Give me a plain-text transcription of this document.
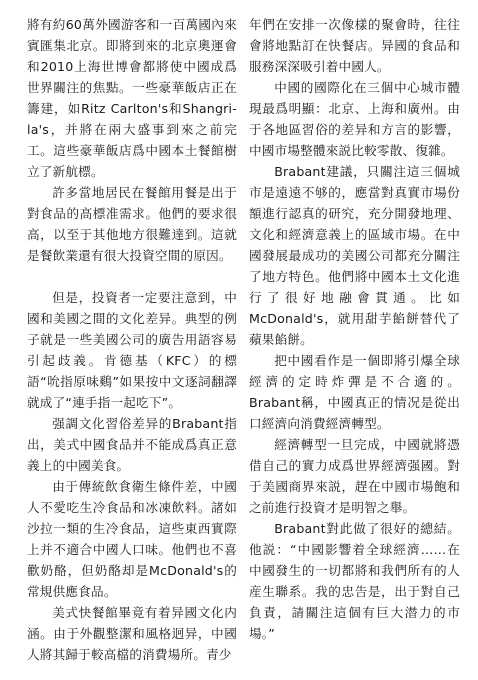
將有約60萬外國游客和一百萬國內來賓匯集北京。即將到來的北京奧運會和2010上海世博會都將使中國成爲世界關注的焦點。一些豪華飯店正在籌建，如Ritz Carlton's和Shangri-la's，并將在兩大盛事到來之前完工。這些豪華飯店爲中國本土餐館樹立了新航標。

許多當地居民在餐館用餐是出于對食品的高標准需求。他們的要求很高，以至于其他地方很難達到。這就是餐飲業還有很大投資空間的原因。

但是，投資者一定要注意到，中國和美國之間的文化差异。典型的例子就是一些美國公司的廣告用語容易引起歧義。肯德基（KFC）的標語“吮指原味鷄”如果按中文逐詞翻譯就成了“連手指一起吃下”。

强調文化習俗差异的Brabant指出，美式中國食品并不能成爲真正意義上的中國美食。

由于傳統飲食衛生條件差，中國人不愛吃生冷食品和冰凍飲料。諸如沙拉一類的生冷食品，這些東西實際上并不適合中國人口味。他們也不喜歡奶酪，但奶酪却是McDonald's的常規供應食品。

美式快餐館畢竟有着异國文化内涵。由于外觀整潔和風格迥异，中國人將其歸于較高檔的消費場所。青少

年們在安排一次像樣的聚會時，往往會將地點訂在快餐店。异國的食品和服務深深吸引着中國人。

中國的國際化在三個中心城市體現最爲明顯：北京、上海和廣州。由于各地區習俗的差异和方言的影響，中國市場整體來説比較零散、復雜。

Brabant建議，只關注這三個城市是遠遠不够的，應當對真實市場份額進行認真的研究，充分開發地理、文化和經濟意義上的區域市場。在中國發展最成功的美國公司都充分關注了地方特色。他們將中國本土文化進行了很好地融會貫通。比如McDonald's，就用甜芋餡餅替代了蘋果餡餅。

把中國看作是一個即將引爆全球經濟的定時炸彈是不合適的。Brabant稱，中國真正的情况是從出口經濟向消費經濟轉型。

經濟轉型一旦完成，中國就將憑借自己的實力成爲世界經濟强國。對于美國商界來説，趕在中國市場飽和之前進行投資才是明智之舉。

Brabant對此做了很好的總結。他説：“中國影響着全球經濟……在中國發生的一切都將和我們所有的人産生聯系。我的忠告是，出于對自己負責，請關注這個有巨大潜力的市場。”
